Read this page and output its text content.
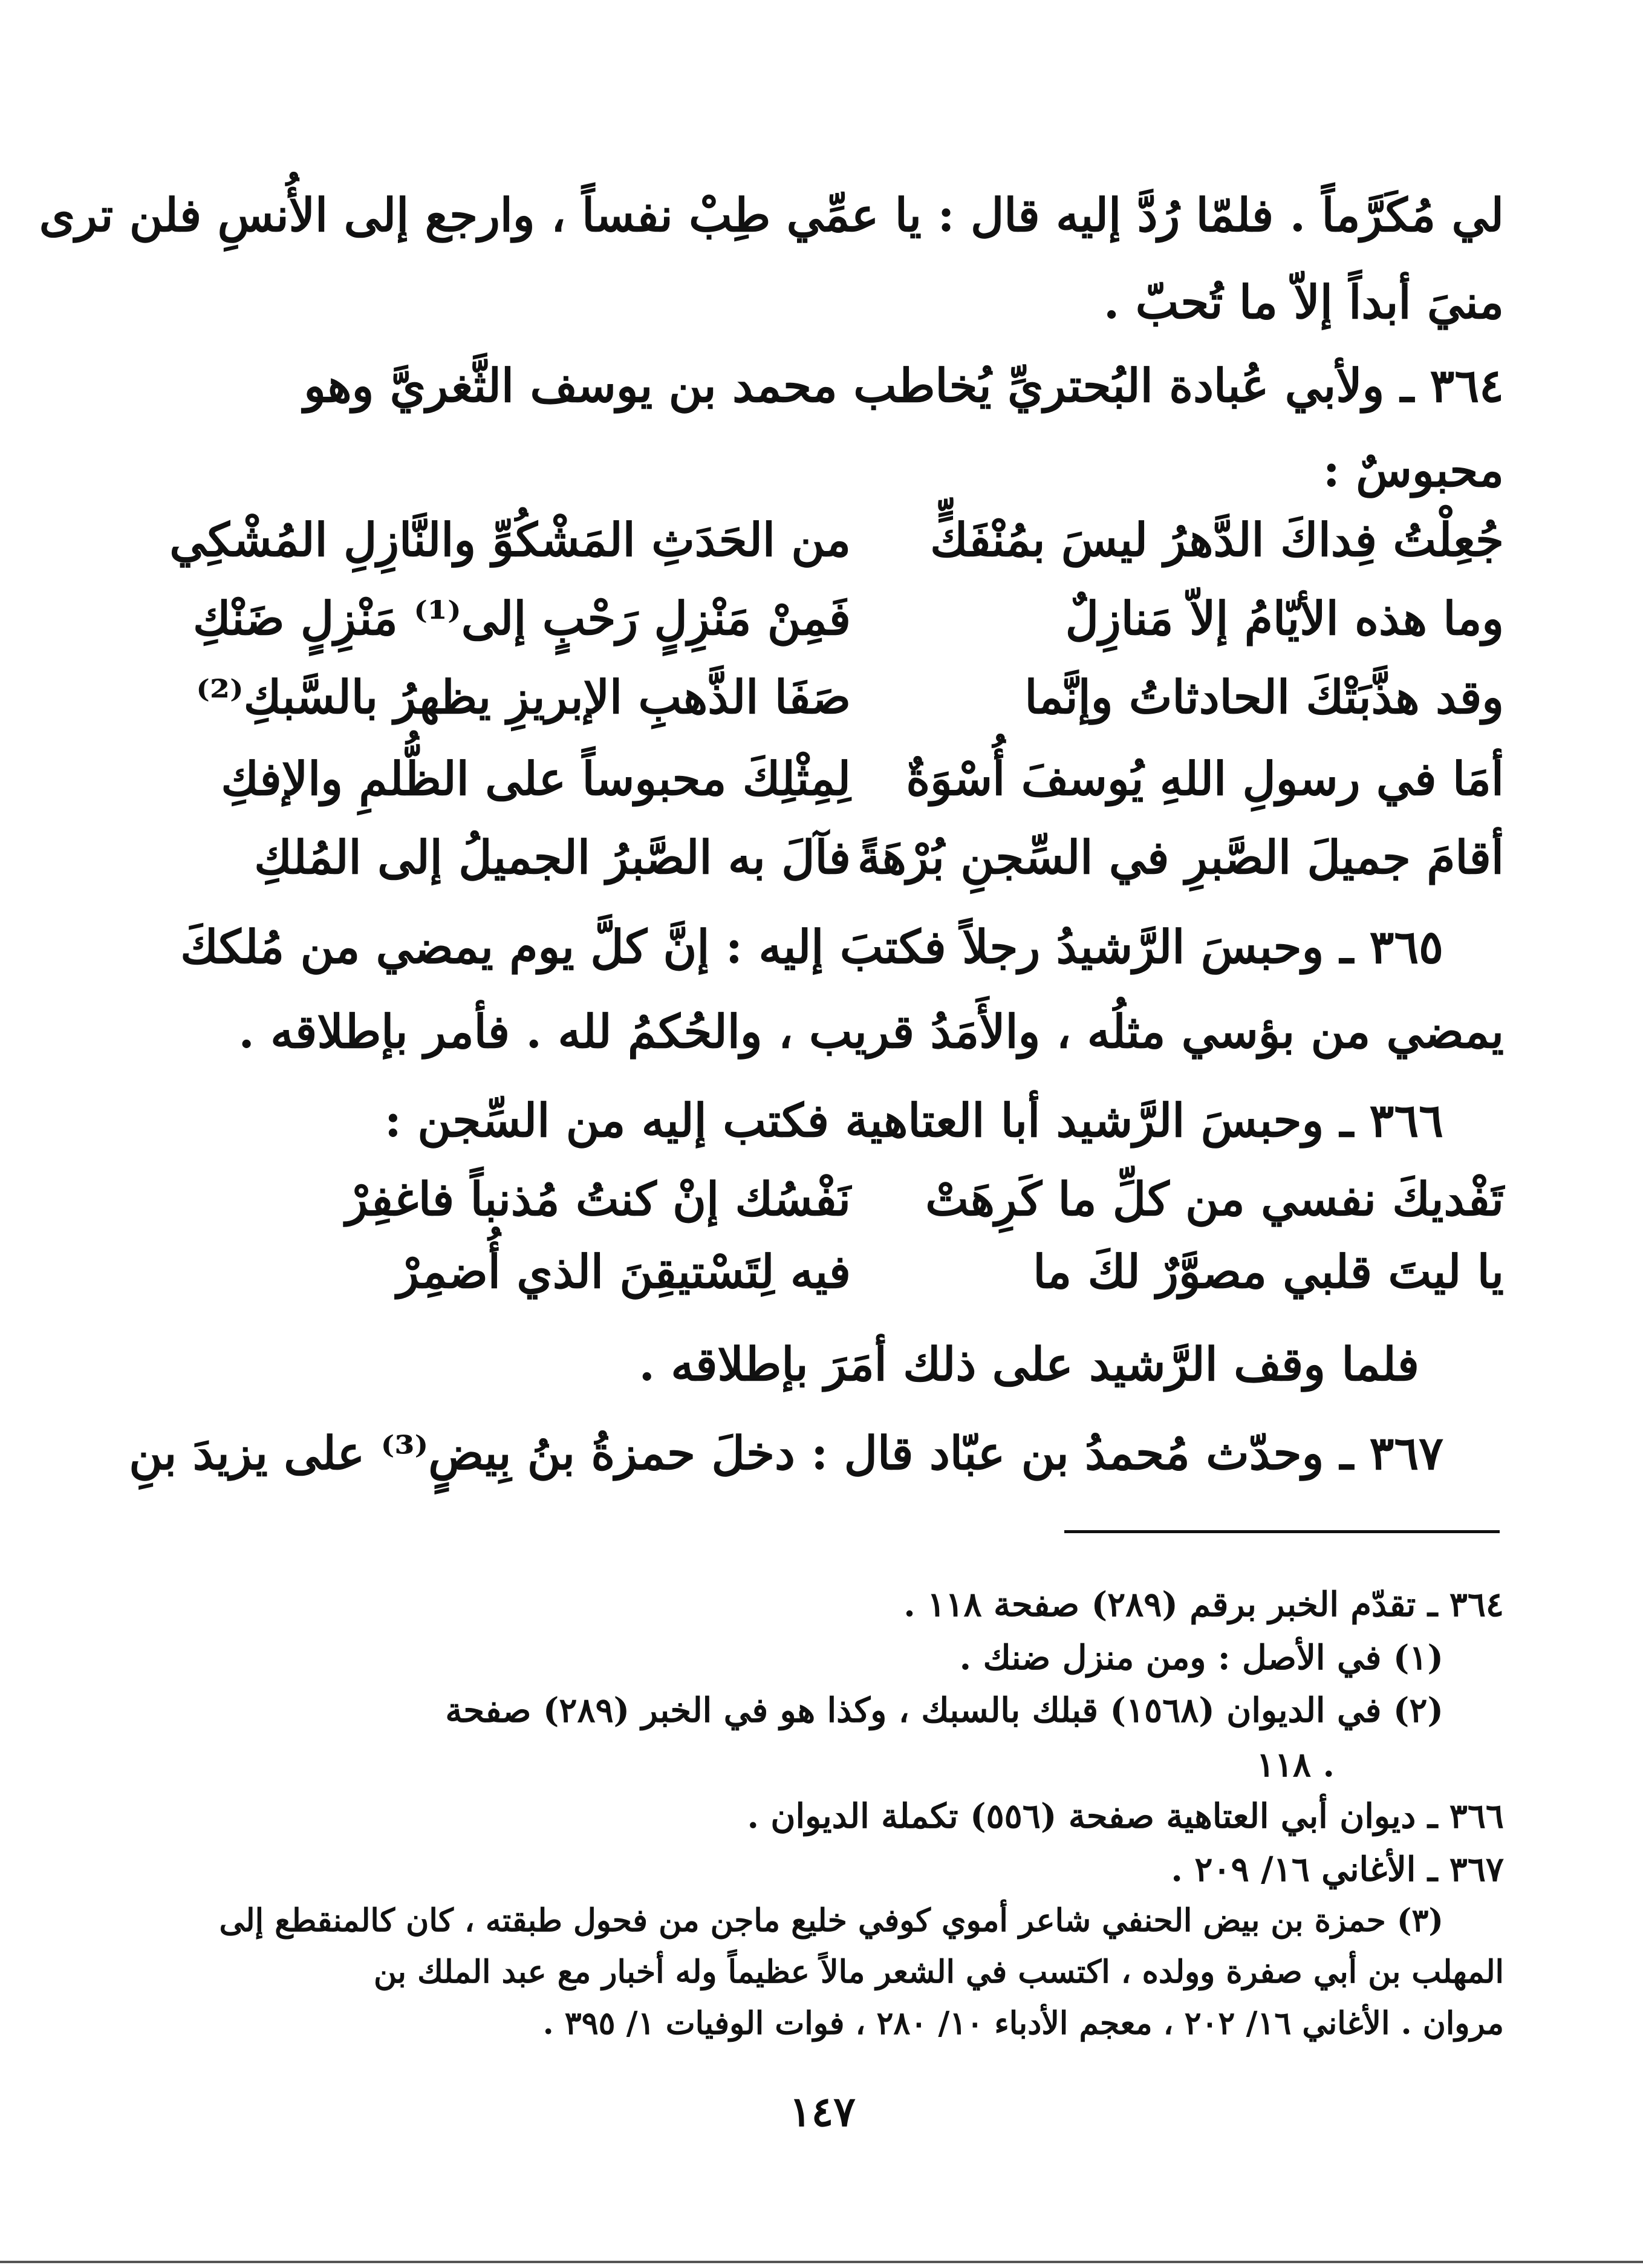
لي مُكَرَّماً . فلمّا رُدَّ إليه قال : يا عمِّي طِبْ نفساً ، وارجع إلى الأُنسِ فلن ترى
منيَ أبداً إلاّ ما تُحبّ .
٣٦٤ ـ ولأبي عُبادة البُحتريِّ يُخاطب محمد بن يوسف الثَّغريَّ وهو
محبوسٌ :
جُعِلْتُ فِداكَ الدَّهرُ ليسَ بمُنْفَكٍّ
من الحَدَثِ المَشْكُوِّ والنَّازِلِ المُشْكِي
وما هذه الأيّامُ إلاّ مَنازِلٌ
فَمِنْ مَنْزِلٍ رَحْبٍ إلى⁽¹⁾ مَنْزِلٍ ضَنْكِ
وقد هذَّبَتْكَ الحادثاتُ وإنَّما
صَفَا الذَّهبِ الإبريزِ يظهرُ بالسَّبكِ⁽²⁾
أمَا في رسولِ اللهِ يُوسفَ أُسْوَةٌ
لِمِثْلِكَ محبوساً على الظُّلمِ والإفكِ
أقامَ جميلَ الصَّبرِ في السِّجنِ بُرْهَةً
فآلَ به الصَّبرُ الجميلُ إلى المُلكِ
٣٦٥ ـ وحبسَ الرَّشيدُ رجلاً فكتبَ إليه : إنَّ كلَّ يوم يمضي من مُلككَ
يمضي من بؤسي مثلُه ، والأَمَدُ قريب ، والحُكمُ لله . فأمر بإطلاقه .
٣٦٦ ـ وحبسَ الرَّشيد أبا العتاهية فكتب إليه من السِّجن :
تَفْديكَ نفسي من كلِّ ما كَرِهَتْ
نَفْسُك إنْ كنتُ مُذنباً فاغفِرْ
يا ليتَ قلبي مصوَّرٌ لكَ ما
فيه لِتَسْتيقِنَ الذي أُضمِرْ
فلما وقف الرَّشيد على ذلك أمَرَ بإطلاقه .
٣٦٧ ـ وحدّث مُحمدُ بن عبّاد قال : دخلَ حمزةُ بنُ بِيضٍ⁽³⁾ على يزيدَ بنِ
٣٦٤ ـ تقدّم الخبر برقم (٢٨٩) صفحة ١١٨ .
(١) في الأصل : ومن منزل ضنك .
(٢) في الديوان (١٥٦٨) قبلك بالسبك ، وكذا هو في الخبر (٢٨٩) صفحة
١١٨ .
٣٦٦ ـ ديوان أبي العتاهية صفحة (٥٥٦) تكملة الديوان .
٣٦٧ ـ الأغاني ١٦/ ٢٠٩ .
(٣) حمزة بن بيض الحنفي شاعر أموي كوفي خليع ماجن من فحول طبقته ، كان كالمنقطع إلى
المهلب بن أبي صفرة وولده ، اكتسب في الشعر مالاً عظيماً وله أخبار مع عبد الملك بن
مروان . الأغاني ١٦/ ٢٠٢ ، معجم الأدباء ١٠/ ٢٨٠ ، فوات الوفيات ١/ ٣٩٥ .
١٤٧
